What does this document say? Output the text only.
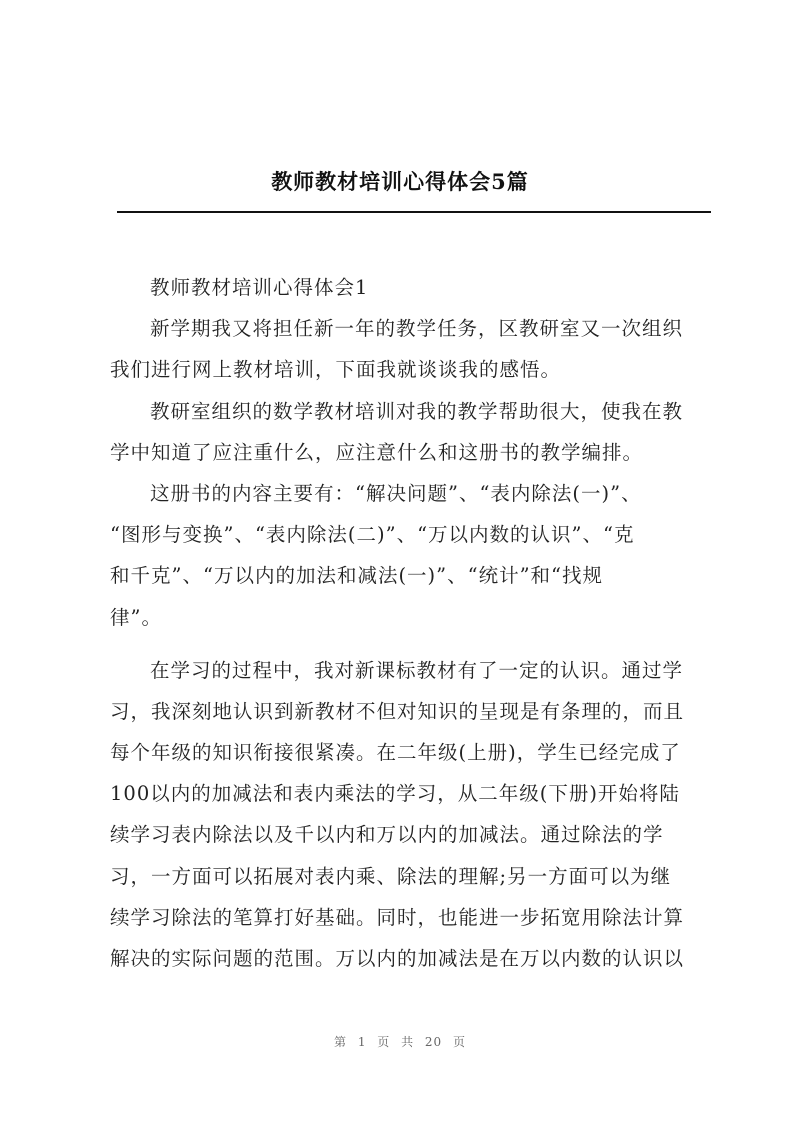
教师教材培训心得体会5篇
教师教材培训心得体会1
新学期我又将担任新一年的教学任务，区教研室又一次组织
我们进行网上教材培训，下面我就谈谈我的感悟。
教研室组织的数学教材培训对我的教学帮助很大，使我在教
学中知道了应注重什么，应注意什么和这册书的教学编排。
这册书的内容主要有：“解决问题”、“表内除法(一)”、
“图形与变换”、“表内除法(二)”、“万以内数的认识”、“克
和千克”、“万以内的加法和减法(一)”、“统计”和“找规
律”。
在学习的过程中，我对新课标教材有了一定的认识。通过学
习，我深刻地认识到新教材不但对知识的呈现是有条理的，而且
每个年级的知识衔接很紧凑。在二年级(上册)，学生已经完成了
100以内的加减法和表内乘法的学习，从二年级(下册)开始将陆
续学习表内除法以及千以内和万以内的加减法。通过除法的学
习，一方面可以拓展对表内乘、除法的理解;另一方面可以为继
续学习除法的笔算打好基础。同时，也能进一步拓宽用除法计算
解决的实际问题的范围。万以内的加减法是在万以内数的认识以
第 1 页 共 20 页
